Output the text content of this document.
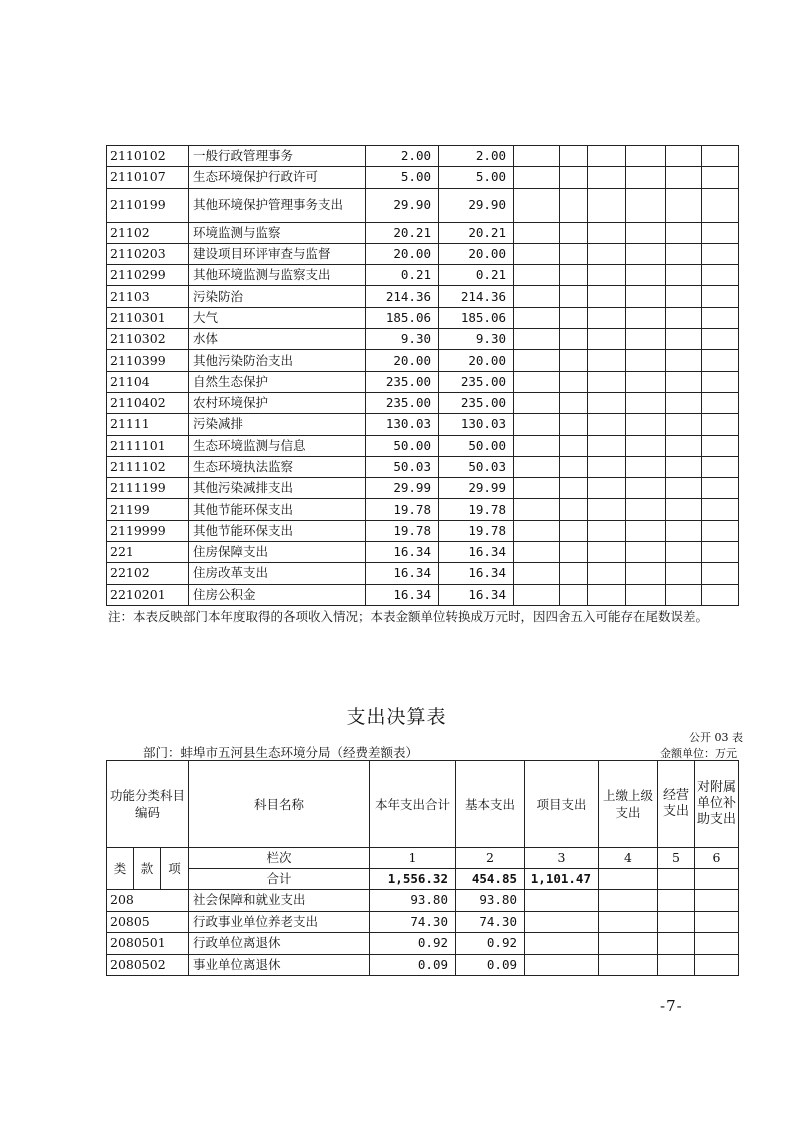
2110102	一般行政管理事务	2.00	2.00						
2110107	生态环境保护行政许可	5.00	5.00						
2110199	其他环境保护管理事务支出	29.90	29.90						
21102	环境监测与监察	20.21	20.21						
2110203	建设项目环评审查与监督	20.00	20.00						
2110299	其他环境监测与监察支出	0.21	0.21						
21103	污染防治	214.36	214.36						
2110301	大气	185.06	185.06						
2110302	水体	9.30	9.30						
2110399	其他污染防治支出	20.00	20.00						
21104	自然生态保护	235.00	235.00						
2110402	农村环境保护	235.00	235.00						
21111	污染减排	130.03	130.03						
2111101	生态环境监测与信息	50.00	50.00						
2111102	生态环境执法监察	50.03	50.03						
2111199	其他污染减排支出	29.99	29.99						
21199	其他节能环保支出	19.78	19.78						
2119999	其他节能环保支出	19.78	19.78						
221	住房保障支出	16.34	16.34						
22102	住房改革支出	16.34	16.34						
2210201	住房公积金	16.34	16.34						
注：本表反映部门本年度取得的各项收入情况；本表金额单位转换成万元时，因四舍五入可能存在尾数误差。
支出决算表
公开 03 表
部门：蚌埠市五河县生态环境分局（经费差额表）	金额单位：万元
功能分类科目编码			科目名称	本年支出合计	基本支出	项目支出	上缴上级支出	经营支出	对附属单位补助支出
类	款	项	栏次	1	2	3	4	5	6
			合计	1,556.32	454.85	1,101.47			
208			社会保障和就业支出	93.80	93.80				
20805			行政事业单位养老支出	74.30	74.30				
2080501			行政单位离退休	0.92	0.92				
2080502			事业单位离退休	0.09	0.09				
-7-
